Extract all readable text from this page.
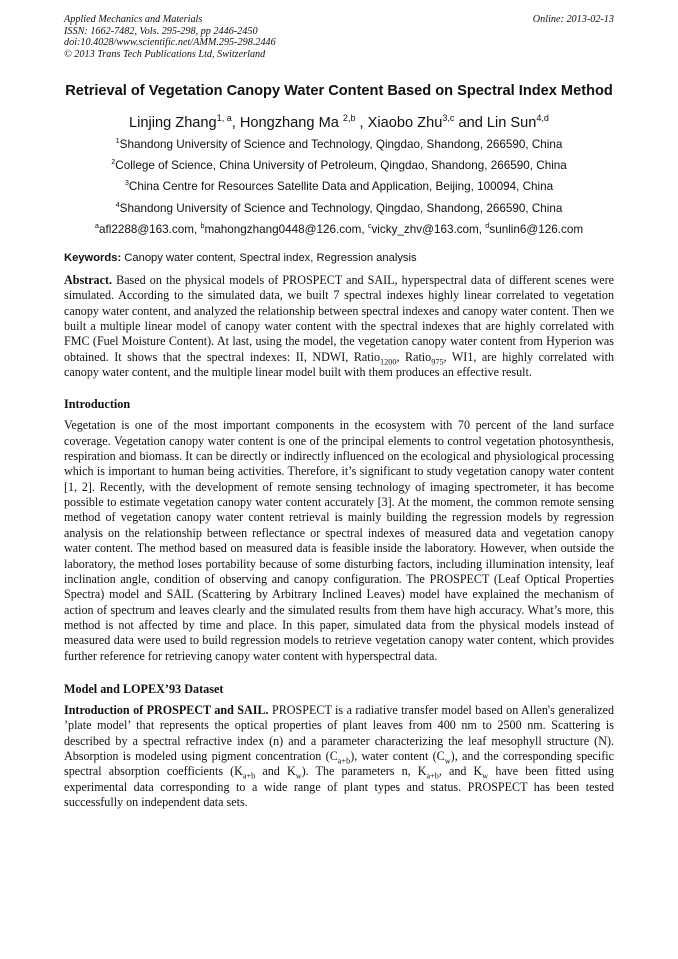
Applied Mechanics and Materials
ISSN: 1662-7482, Vols. 295-298, pp 2446-2450
doi:10.4028/www.scientific.net/AMM.295-298.2446
© 2013 Trans Tech Publications Ltd, Switzerland
Online: 2013-02-13
Retrieval of Vegetation Canopy Water Content Based on Spectral Index Method
Linjing Zhang$^{1, a}$, Hongzhang Ma $^{2,b}$ , Xiaobo Zhu$^{3,c}$ and Lin Sun$^{4,d}$
$^1$Shandong University of Science and Technology, Qingdao, Shandong, 266590, China
$^2$College of Science, China University of Petroleum, Qingdao, Shandong, 266590, China
$^3$China Centre for Resources Satellite Data and Application, Beijing, 100094, China
$^4$Shandong University of Science and Technology, Qingdao, Shandong, 266590, China
$^a$afl2288@163.com, $^b$mahongzhang0448@126.com, $^c$vicky_zhv@163.com, $^d$sunlin6@126.com
Keywords: Canopy water content, Spectral index, Regression analysis

Abstract. Based on the physical models of PROSPECT and SAIL, hyperspectral data of different scenes were simulated. According to the simulated data, we built 7 spectral indexes highly linear correlated to vegetation canopy water content, and analyzed the relationship between spectral indexes and canopy water content. Then we built a multiple linear model of canopy water content with the spectral indexes that are highly correlated with FMC (Fuel Moisture Content). At last, using the model, the vegetation canopy water content from Hyperion was obtained. It shows that the spectral indexes: II, NDWI, Ratio$_{1200}$, Ratio$_{975}$, WI1, are highly correlated with canopy water content, and the multiple linear model built with them produces an effective result.

Introduction

Vegetation is one of the most important components in the ecosystem with 70 percent of the land surface coverage. Vegetation canopy water content is one of the principal elements to control vegetation photosynthesis, respiration and biomass. It can be directly or indirectly influenced on the ecological and physiological processing which is important to human being activities. Therefore, it’s significant to study vegetation canopy water content [1, 2]. Recently, with the development of remote sensing technology of imaging spectrometer, it has become possible to estimate vegetation canopy water content accurately [3]. At the moment, the common remote sensing method of vegetation canopy water content retrieval is mainly building the regression models by regression analysis on the relationship between reflectance or spectral indexes of measured data and vegetation canopy water content. The method based on measured data is feasible inside the laboratory. However, when outside the laboratory, the method loses portability because of some disturbing factors, including illumination intensity, leaf inclination angle, condition of observing and canopy configuration. The PROSPECT (Leaf Optical Properties Spectra) model and SAIL (Scattering by Arbitrary Inclined Leaves) model have explained the mechanism of action of spectrum and leaves clearly and the simulated results from them have high accuracy. What’s more, this method is not affected by time and place. In this paper, simulated data from the physical models instead of measured data were used to build regression models to retrieve vegetation canopy water content, which provides further reference for retrieving canopy water content with hyperspectral data.

Model and LOPEX’93 Dataset

Introduction of PROSPECT and SAIL. PROSPECT is a radiative transfer model based on Allen's generalized ’plate model’ that represents the optical properties of plant leaves from 400 nm to 2500 nm. Scattering is described by a spectral refractive index (n) and a parameter characterizing the leaf mesophyll structure (N). Absorption is modeled using pigment concentration $(C_{a+b})$, water content $(C_w)$, and the corresponding specific spectral absorption coefficients ($K_{a+b}$ and $K_w$). The parameters n, $K_{a+b}$, and $K_w$ have been fitted using experimental data corresponding to a wide range of plant types and status. PROSPECT has been tested successfully on independent data sets.
